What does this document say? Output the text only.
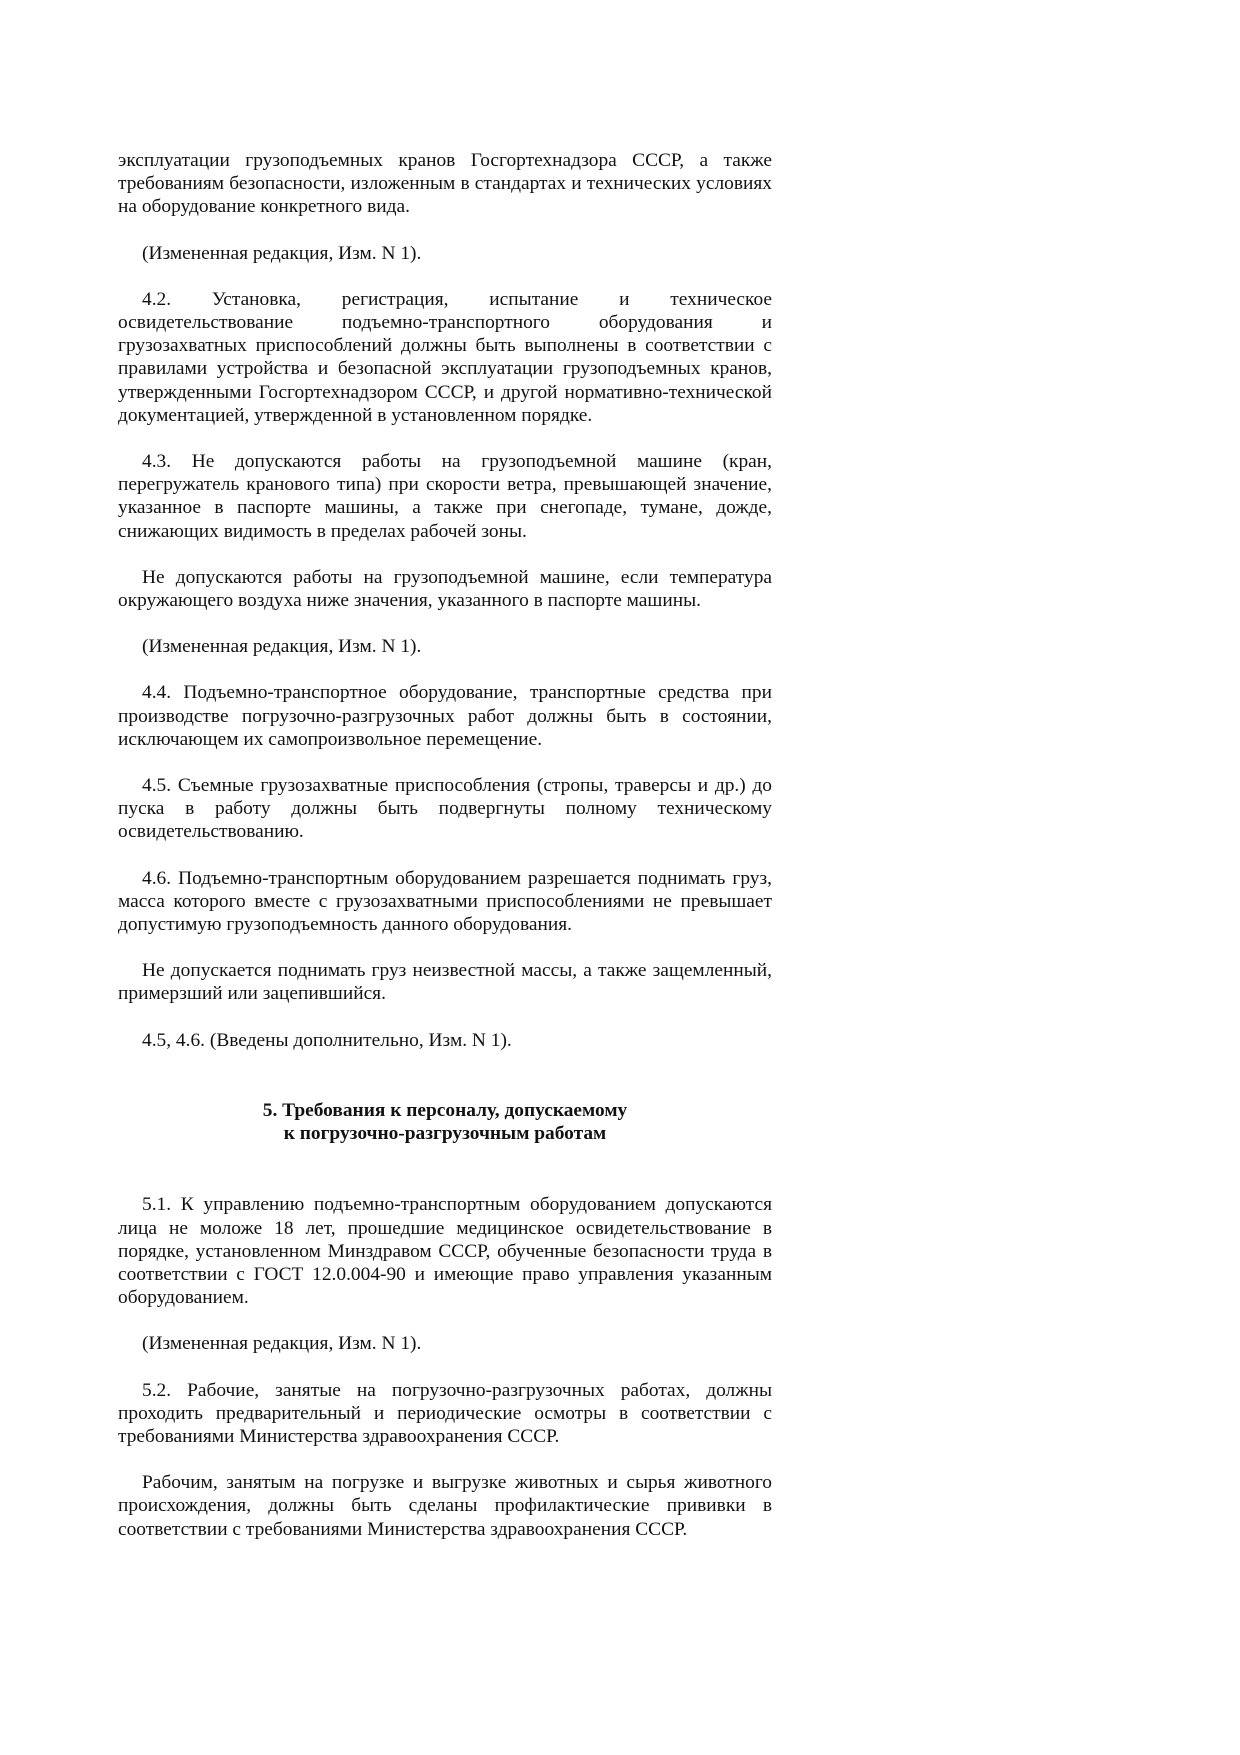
эксплуатации грузоподъемных кранов Госгортехнадзора СССР, а также требованиям безопасности, изложенным в стандартах и технических условиях на оборудование конкретного вида.

(Измененная редакция, Изм. N 1).

4.2. Установка, регистрация, испытание и техническое освидетельствование подъемно-транспортного оборудования и грузозахватных приспособлений должны быть выполнены в соответствии с правилами устройства и безопасной эксплуатации грузоподъемных кранов, утвержденными Госгортехнадзором СССР, и другой нормативно-технической документацией, утвержденной в установленном порядке.

4.3. Не допускаются работы на грузоподъемной машине (кран, перегружатель кранового типа) при скорости ветра, превышающей значение, указанное в паспорте машины, а также при снегопаде, тумане, дожде, снижающих видимость в пределах рабочей зоны.

Не допускаются работы на грузоподъемной машине, если температура окружающего воздуха ниже значения, указанного в паспорте машины.

(Измененная редакция, Изм. N 1).

4.4. Подъемно-транспортное оборудование, транспортные средства при производстве погрузочно-разгрузочных работ должны быть в состоянии, исключающем их самопроизвольное перемещение.

4.5. Съемные грузозахватные приспособления (стропы, траверсы и др.) до пуска в работу должны быть подвергнуты полному техническому освидетельствованию.

4.6. Подъемно-транспортным оборудованием разрешается поднимать груз, масса которого вместе с грузозахватными приспособлениями не превышает допустимую грузоподъемность данного оборудования.

Не допускается поднимать груз неизвестной массы, а также защемленный, примерзший или зацепившийся.

4.5, 4.6. (Введены дополнительно, Изм. N 1).

5. Требования к персоналу, допускаемому
к погрузочно-разгрузочным работам

5.1. К управлению подъемно-транспортным оборудованием допускаются лица не моложе 18 лет, прошедшие медицинское освидетельствование в порядке, установленном Минздравом СССР, обученные безопасности труда в соответствии с ГОСТ 12.0.004-90 и имеющие право управления указанным оборудованием.

(Измененная редакция, Изм. N 1).

5.2. Рабочие, занятые на погрузочно-разгрузочных работах, должны проходить предварительный и периодические осмотры в соответствии с требованиями Министерства здравоохранения СССР.

Рабочим, занятым на погрузке и выгрузке животных и сырья животного происхождения, должны быть сделаны профилактические прививки в соответствии с требованиями Министерства здравоохранения СССР.
